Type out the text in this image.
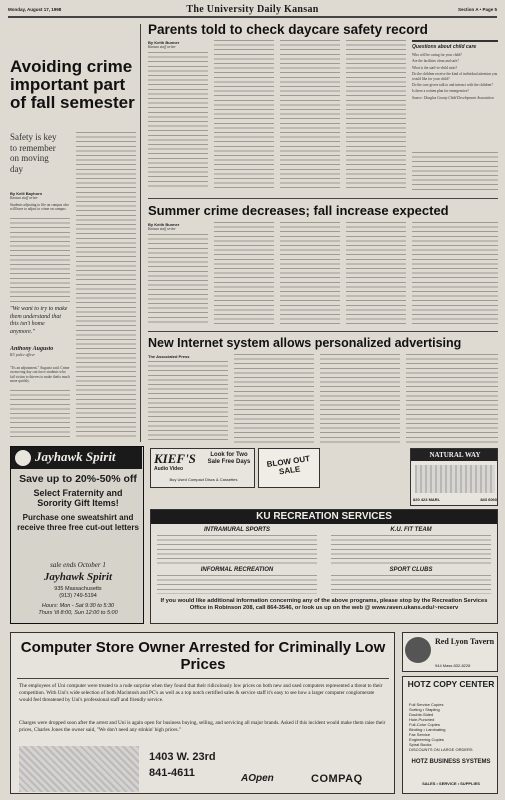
Monday, August 17, 1998	The University Daily Kansan	Section A • Page 5
Avoiding crime important part of fall semester
Safety is key to remember on moving day
By Kelli Bayhorn
Kansan staff writer
Students adjusting to life on campus also will have to adjust to crime on campus.
"We want to try to make them understand that this isn't home anymore."
Anthony Augusto
KU police officer
"It's an adjustment," Augusto said. Crime on moving day can force students who fail victim to thieves to make thefts much more quickly.
Parents told to check daycare safety record
By Keith Bunner
Kansan staff writer	Questions about child care
Who will be caring for your child?
Are the facilities clean and safe?
What is the staff-to-child ratio?
Do the children receive the kind of individual attention you would like for your child?
Do the care givers talk to and interact with the children?
Is there a written plan for emergencies?
Source: Douglas County Child Development Association
Summer crime decreases; fall increase expected
By Keith Bunner
Kansan staff writer
New Internet system allows personalized advertising
The Associated Press
Jayhawk Spirit
Save up to 20%-50% off
Select Fraternity and Sorority Gift Items!
Purchase one sweatshirt and receive three free cut-out letters
sale ends October 1
Jayhawk Spirit
935 Massachusetts
(913) 749-5194
Hours: Mon - Sat 9:30 to 5:30
Thurs 'til 8:00, Sun 12:00 to 5:00
KIEF'S
Audio Video
Look for Two Sale Free Days
Buy Used Compact Discs & Cassettes
BLOW OUT SALE
NATURAL WAY
820 423 MARL	843 6060
KU RECREATION SERVICES
INTRAMURAL SPORTS
INFORMAL RECREATION
K.U. FIT TEAM
SPORT CLUBS
If you would like additional information concerning any of the above programs, please stop by the Recreation Services Office in Robinson 208, call 864-3546, or look us up on the web @ www.raven.ukans.edu/~recserv
Computer Store Owner Arrested for Criminally Low Prices
The employees of Uni computer were treated to a rude surprise when they found that their ridiculously low prices on both new and used computers represented a threat to their competition. With Uni's wide selection of both Macintosh and PC's as well as a top notch certified sales & service staff it's easy to see how a larger computer conglomerate would feel threatened by Uni's professional staff and friendly service.
Charges were dropped soon after the arrest and Uni is again open for business buying, selling, and servicing all major brands. Asked if this incident would make them raise their prices, Charles Jones the owner said, "We don't need any stinkin' high prices."
1403 W. 23rd
841-4611	AOpen	COMPAQ
Red Lyon Tavern
944 Mass 832-8228
HOTZ COPY CENTER
Full Service Copies
Sorting • Stapling
Double-Sided
Hole-Punched
Full-Color Copies
Binding • Laminating
Fax Service
Engineering Copies
Spiral Books
DISCOUNTS ON LARGE ORDERS
HOTZ BUSINESS SYSTEMS
SALES • SERVICE • SUPPLIES
